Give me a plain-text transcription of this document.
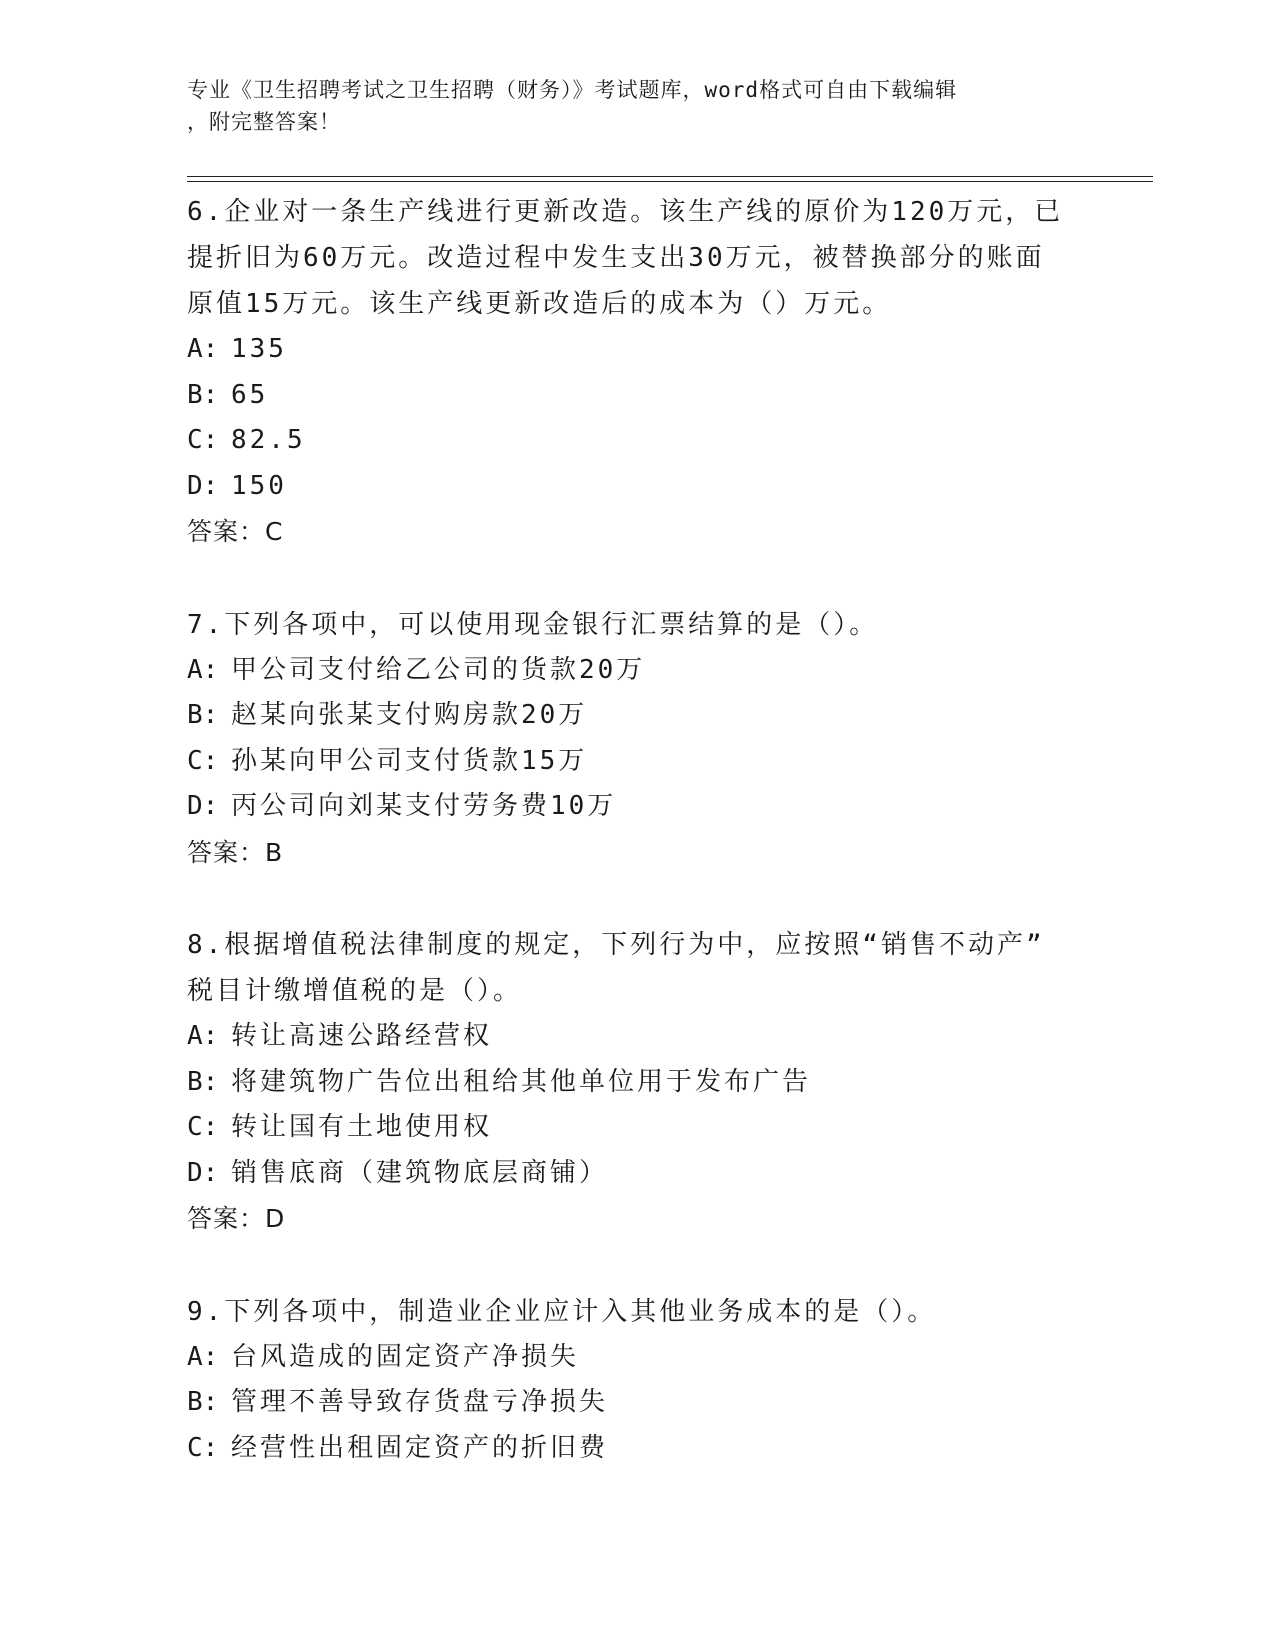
专业《卫生招聘考试之卫生招聘（财务）》考试题库，word格式可自由下载编辑
，附完整答案！

6.企业对一条生产线进行更新改造。该生产线的原价为120万元，已

提折旧为60万元。改造过程中发生支出30万元，被替换部分的账面

原值15万元。该生产线更新改造后的成本为（）万元。

A: 135

B: 65

C: 82.5

D: 150

答案：C

7.下列各项中，可以使用现金银行汇票结算的是（）。

A: 甲公司支付给乙公司的货款20万

B: 赵某向张某支付购房款20万

C: 孙某向甲公司支付货款15万

D: 丙公司向刘某支付劳务费10万

答案：B

8.根据增值税法律制度的规定，下列行为中，应按照“销售不动产”

税目计缴增值税的是（）。

A: 转让高速公路经营权

B: 将建筑物广告位出租给其他单位用于发布广告

C: 转让国有土地使用权

D: 销售底商（建筑物底层商铺）

答案：D

9.下列各项中，制造业企业应计入其他业务成本的是（）。

A: 台风造成的固定资产净损失

B: 管理不善导致存货盘亏净损失

C: 经营性出租固定资产的折旧费
